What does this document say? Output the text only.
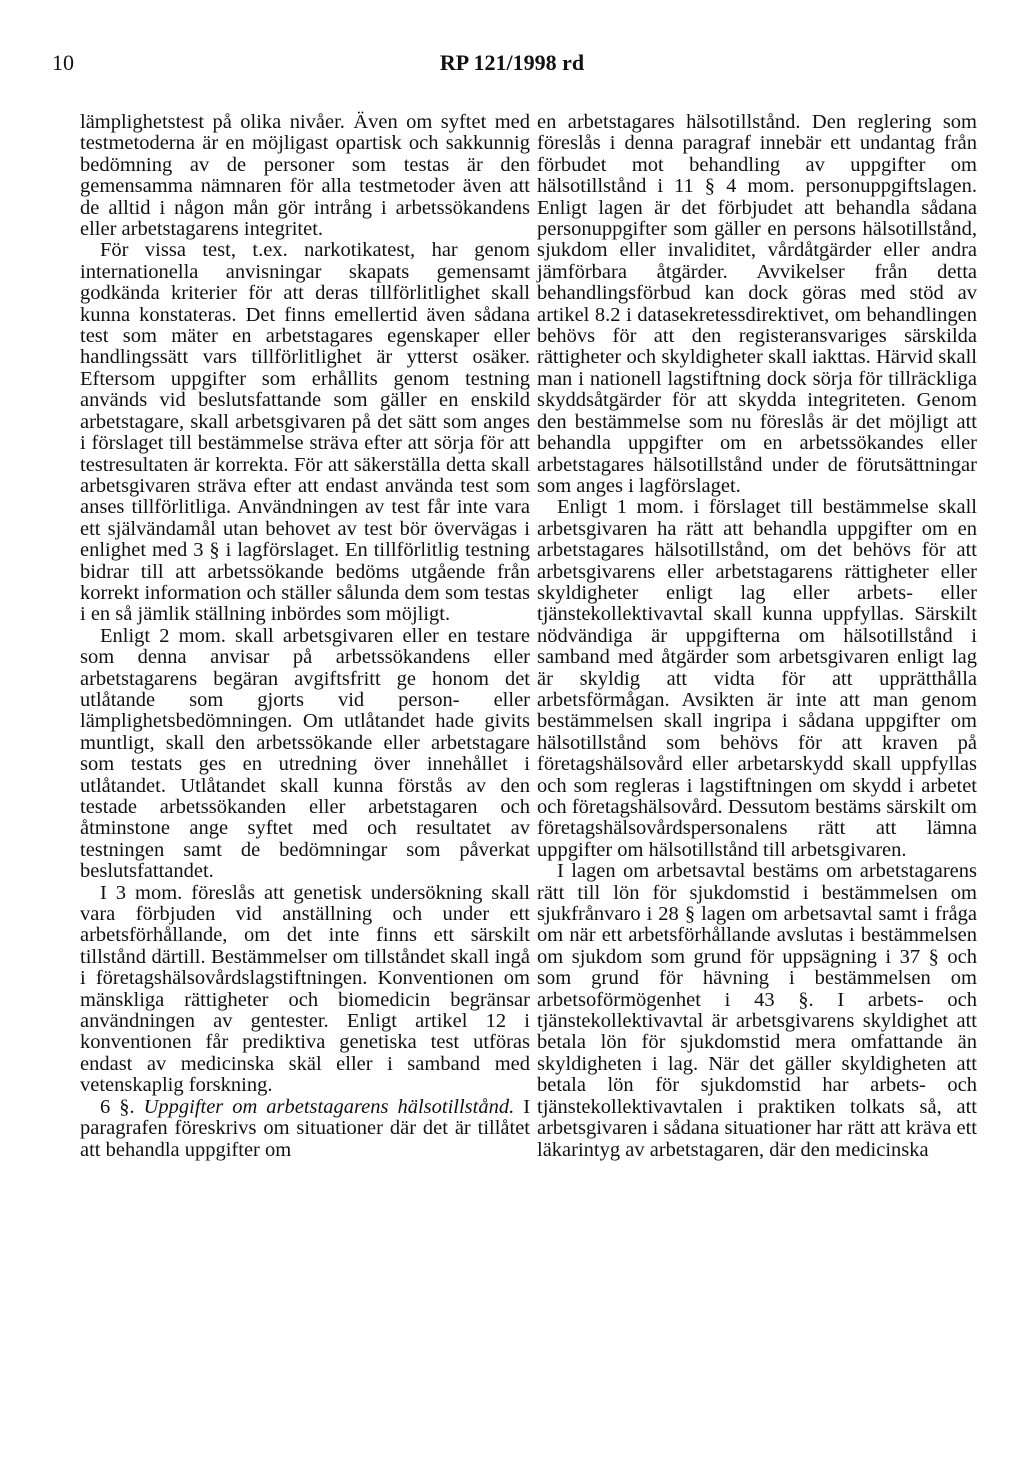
10	RP 121/1998 rd

lämplighetstest på olika nivåer. Även om syftet med testmetoderna är en möjligast opartisk och sakkunnig bedömning av de personer som testas är den gemensamma nämnaren för alla testmetoder även att de alltid i någon mån gör intrång i arbetssökandens eller arbetstagarens integritet.

För vissa test, t.ex. narkotikatest, har genom internationella anvisningar skapats gemensamt godkända kriterier för att deras tillförlitlighet skall kunna konstateras. Det finns emellertid även sådana test som mäter en arbetstagares egenskaper eller handlingssätt vars tillförlitlighet är ytterst osäker. Eftersom uppgifter som erhållits genom testning används vid beslutsfattande som gäller en enskild arbetstagare, skall arbetsgivaren på det sätt som anges i förslaget till bestämmelse sträva efter att sörja för att testresultaten är korrekta. För att säkerställa detta skall arbetsgivaren sträva efter att endast använda test som anses tillförlitliga. Användningen av test får inte vara ett självändamål utan behovet av test bör övervägas i enlighet med 3 § i lagförslaget. En tillförlitlig testning bidrar till att arbetssökande bedöms utgående från korrekt information och ställer sålunda dem som testas i en så jämlik ställning inbördes som möjligt.

Enligt 2 mom. skall arbetsgivaren eller en testare som denna anvisar på arbetssökandens eller arbetstagarens begäran avgiftsfritt ge honom det utlåtande som gjorts vid person- eller lämplighetsbedömningen. Om utlåtandet hade givits muntligt, skall den arbetssökande eller arbetstagare som testats ges en utredning över innehållet i utlåtandet. Utlåtandet skall kunna förstås av den testade arbetssökanden eller arbetstagaren och åtminstone ange syftet med och resultatet av testningen samt de bedömningar som påverkat beslutsfattandet.

I 3 mom. föreslås att genetisk undersökning skall vara förbjuden vid anställning och under ett arbetsförhållande, om det inte finns ett särskilt tillstånd därtill. Bestämmelser om tillståndet skall ingå i företagshälsovårdslagstiftningen. Konventionen om mänskliga rättigheter och biomedicin begränsar användningen av gentester. Enligt artikel 12 i konventionen får prediktiva genetiska test utföras endast av medicinska skäl eller i samband med vetenskaplig forskning.

6 §. Uppgifter om arbetstagarens hälsotillstånd. I paragrafen föreskrivs om situationer där det är tillåtet att behandla uppgifter om

en arbetstagares hälsotillstånd. Den reglering som föreslås i denna paragraf innebär ett undantag från förbudet mot behandling av uppgifter om hälsotillstånd i 11 § 4 mom. personuppgiftslagen. Enligt lagen är det förbjudet att behandla sådana personuppgifter som gäller en persons hälsotillstånd, sjukdom eller invaliditet, vårdåtgärder eller andra jämförbara åtgärder. Avvikelser från detta behandlingsförbud kan dock göras med stöd av artikel 8.2 i datasekretessdirektivet, om behandlingen behövs för att den registeransvariges särskilda rättigheter och skyldigheter skall iakttas. Härvid skall man i nationell lagstiftning dock sörja för tillräckliga skyddsåtgärder för att skydda integriteten. Genom den bestämmelse som nu föreslås är det möjligt att behandla uppgifter om en arbetssökandes eller arbetstagares hälsotillstånd under de förutsättningar som anges i lagförslaget.

Enligt 1 mom. i förslaget till bestämmelse skall arbetsgivaren ha rätt att behandla uppgifter om en arbetstagares hälsotillstånd, om det behövs för att arbetsgivarens eller arbetstagarens rättigheter eller skyldigheter enligt lag eller arbets- eller tjänstekollektivavtal skall kunna uppfyllas. Särskilt nödvändiga är uppgifterna om hälsotillstånd i samband med åtgärder som arbetsgivaren enligt lag är skyldig att vidta för att upprätthålla arbetsförmågan. Avsikten är inte att man genom bestämmelsen skall ingripa i sådana uppgifter om hälsotillstånd som behövs för att kraven på företagshälsovård eller arbetarskydd skall uppfyllas och som regleras i lagstiftningen om skydd i arbetet och företagshälsovård. Dessutom bestäms särskilt om företagshälsovårdspersonalens rätt att lämna uppgifter om hälsotillstånd till arbetsgivaren.

I lagen om arbetsavtal bestäms om arbetstagarens rätt till lön för sjukdomstid i bestämmelsen om sjukfrånvaro i 28 § lagen om arbetsavtal samt i fråga om när ett arbetsförhållande avslutas i bestämmelsen om sjukdom som grund för uppsägning i 37 § och som grund för hävning i bestämmelsen om arbetsoförmögenhet i 43 §. I arbets- och tjänstekollektivavtal är arbetsgivarens skyldighet att betala lön för sjukdomstid mera omfattande än skyldigheten i lag. När det gäller skyldigheten att betala lön för sjukdomstid har arbets- och tjänstekollektivavtalen i praktiken tolkats så, att arbetsgivaren i sådana situationer har rätt att kräva ett läkarintyg av arbetstagaren, där den medicinska
